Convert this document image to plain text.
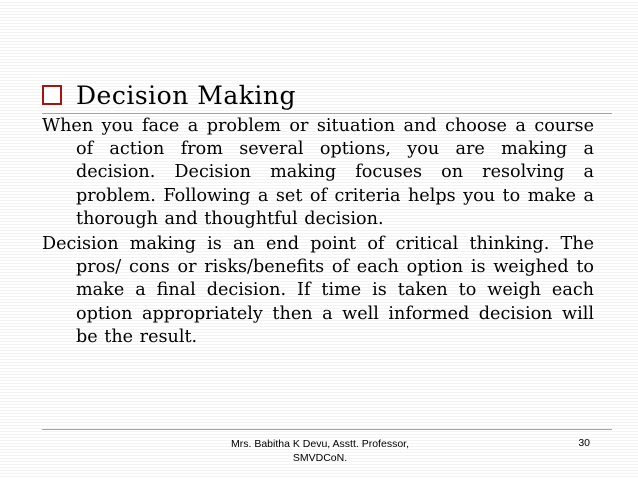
Decision Making

When you face a problem or situation and choose a course of action from several options, you are making a decision. Decision making focuses on resolving a problem. Following a set of criteria helps you to make a thorough and thoughtful decision.

Decision making is an end point of critical thinking. The pros/ cons or risks/benefits of each option is weighed to make a final decision. If time is taken to weigh each option appropriately then a well informed decision will be the result.

Mrs. Babitha K Devu, Asstt. Professor,
SMVDCoN.
30
